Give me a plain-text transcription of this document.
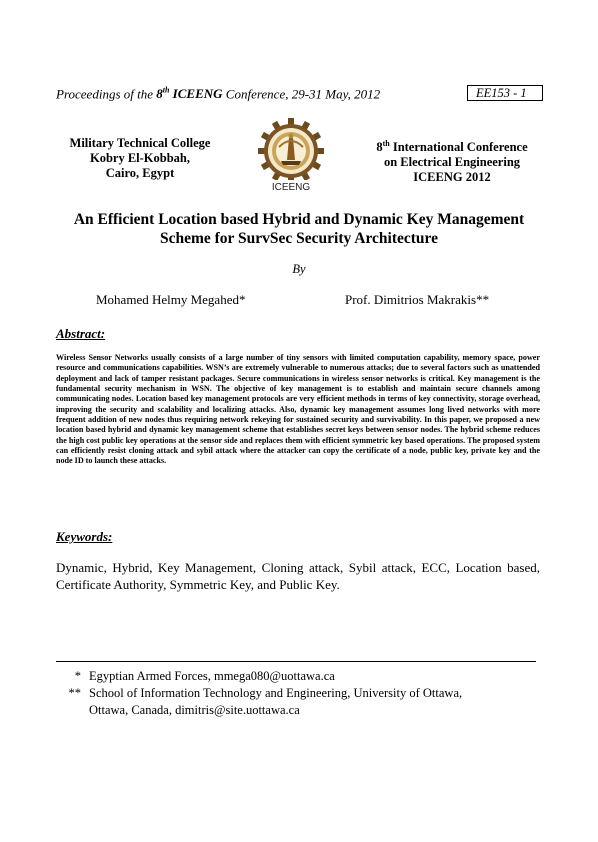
Proceedings of the 8th ICEENG Conference, 29-31 May, 2012	EE153 - 1
Military Technical College
Kobry El-Kobbah,
Cairo, Egypt
ICEENG
8th International Conference
on Electrical Engineering
ICEENG 2012
An Efficient Location based Hybrid and Dynamic Key Management
Scheme for SurvSec Security Architecture
By
Mohamed Helmy Megahed*	Prof. Dimitrios Makrakis**
Abstract:
Wireless Sensor Networks usually consists of a large number of tiny sensors with limited computation capability, memory space, power resource and communications capabilities. WSN’s are extremely vulnerable to numerous attacks; due to several factors such as unattended deployment and lack of tamper resistant packages. Secure communications in wireless sensor networks is critical. Key management is the fundamental security mechanism in WSN. The objective of key management is to establish and maintain secure channels among communicating nodes. Location based key management protocols are very efficient methods in terms of key connectivity, storage overhead, improving the security and scalability and localizing attacks. Also, dynamic key management assumes long lived networks with more frequent addition of new nodes thus requiring network rekeying for sustained security and survivability. In this paper, we proposed a new location based hybrid and dynamic key management scheme that establishes secret keys between sensor nodes. The hybrid scheme reduces the high cost public key operations at the sensor side and replaces them with efficient symmetric key based operations. The proposed system can efficiently resist cloning attack and sybil attack where the attacker can copy the certificate of a node, public key, private key and the node ID to launch these attacks.
Keywords:
Dynamic, Hybrid, Key Management, Cloning attack, Sybil attack, ECC, Location based, Certificate Authority, Symmetric Key, and Public Key.
* Egyptian Armed Forces, mmega080@uottawa.ca
** School of Information Technology and Engineering, University of Ottawa,
Ottawa, Canada, dimitris@site.uottawa.ca
